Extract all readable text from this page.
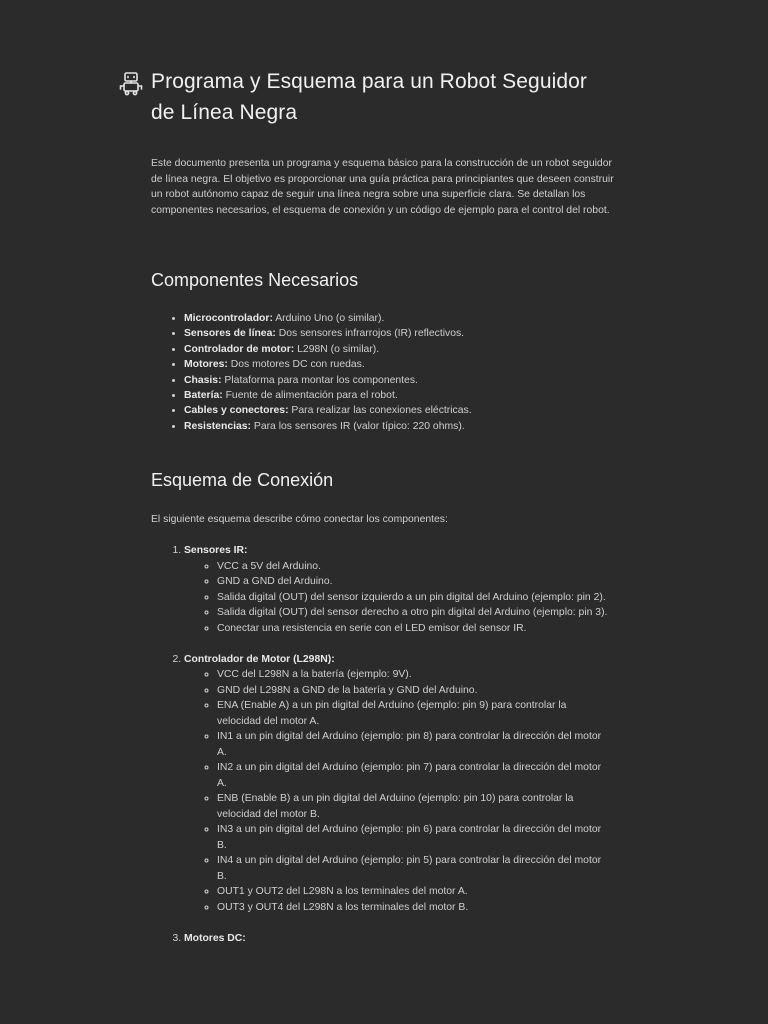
Programa y Esquema para un Robot Seguidor de Línea Negra

Este documento presenta un programa y esquema básico para la construcción de un robot seguidor de línea negra. El objetivo es proporcionar una guía práctica para principiantes que deseen construir un robot autónomo capaz de seguir una línea negra sobre una superficie clara. Se detallan los componentes necesarios, el esquema de conexión y un código de ejemplo para el control del robot.

Componentes Necesarios
• Microcontrolador: Arduino Uno (o similar).
• Sensores de línea: Dos sensores infrarrojos (IR) reflectivos.
• Controlador de motor: L298N (o similar).
• Motores: Dos motores DC con ruedas.
• Chasis: Plataforma para montar los componentes.
• Batería: Fuente de alimentación para el robot.
• Cables y conectores: Para realizar las conexiones eléctricas.
• Resistencias: Para los sensores IR (valor típico: 220 ohms).
Esquema de Conexión

El siguiente esquema describe cómo conectar los componentes:

1. Sensores IR:
◦ VCC a 5V del Arduino.
◦ GND a GND del Arduino.
◦ Salida digital (OUT) del sensor izquierdo a un pin digital del Arduino (ejemplo: pin 2).
◦ Salida digital (OUT) del sensor derecho a otro pin digital del Arduino (ejemplo: pin 3).
◦ Conectar una resistencia en serie con el LED emisor del sensor IR.
2. Controlador de Motor (L298N):
◦ VCC del L298N a la batería (ejemplo: 9V).
◦ GND del L298N a GND de la batería y GND del Arduino.
◦ ENA (Enable A) a un pin digital del Arduino (ejemplo: pin 9) para controlar la velocidad del motor A.
◦ IN1 a un pin digital del Arduino (ejemplo: pin 8) para controlar la dirección del motor A.
◦ IN2 a un pin digital del Arduino (ejemplo: pin 7) para controlar la dirección del motor A.
◦ ENB (Enable B) a un pin digital del Arduino (ejemplo: pin 10) para controlar la velocidad del motor B.
◦ IN3 a un pin digital del Arduino (ejemplo: pin 6) para controlar la dirección del motor B.
◦ IN4 a un pin digital del Arduino (ejemplo: pin 5) para controlar la dirección del motor B.
◦ OUT1 y OUT2 del L298N a los terminales del motor A.
◦ OUT3 y OUT4 del L298N a los terminales del motor B.
3. Motores DC:
